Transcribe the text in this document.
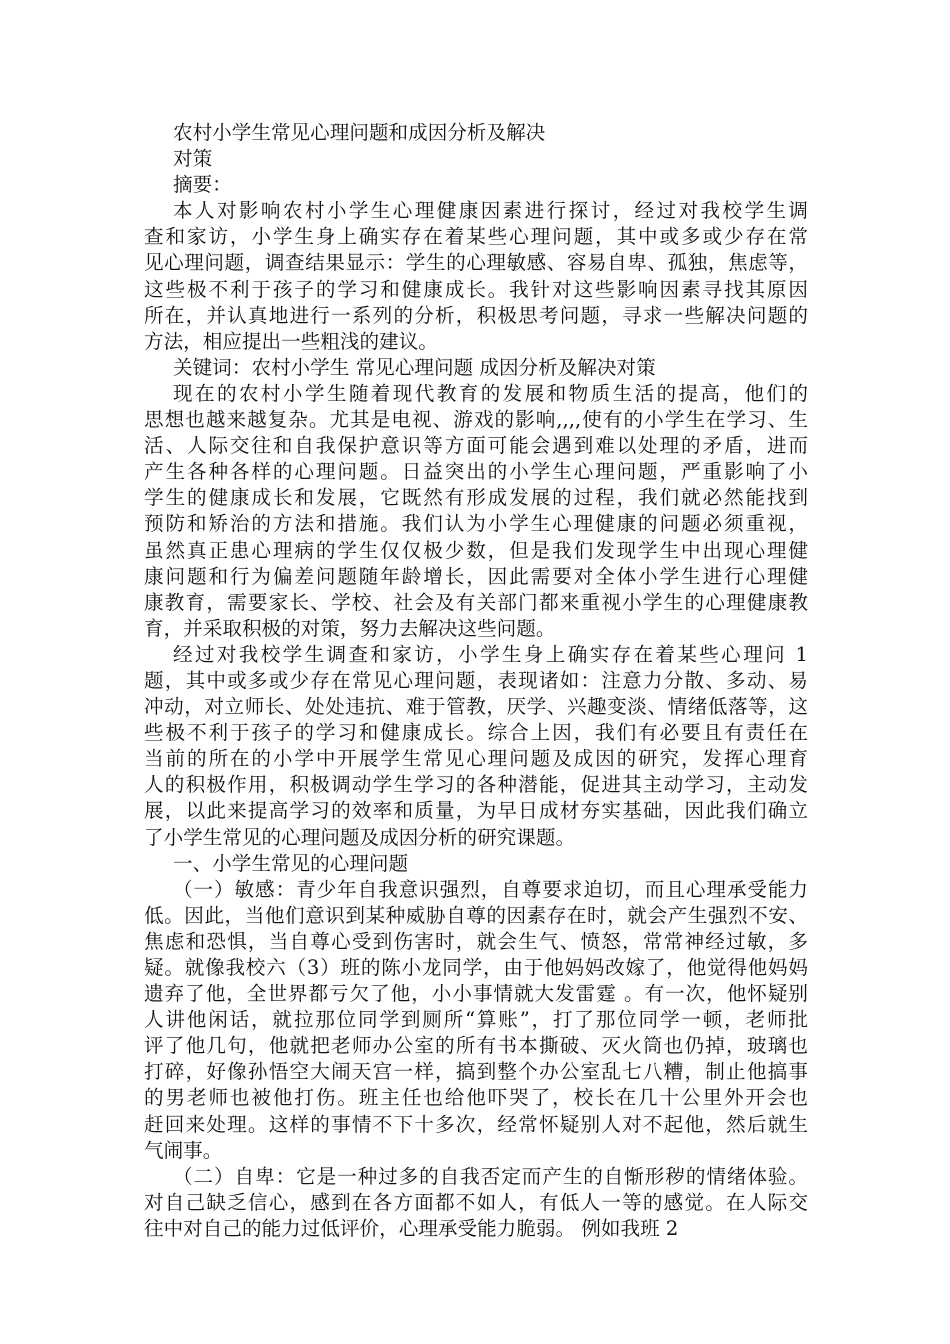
农村小学生常见心理问题和成因分析及解决
对策
摘要：
本人对影响农村小学生心理健康因素进行探讨，经过对我校学生调
查和家访，小学生身上确实存在着某些心理问题，其中或多或少存在常
见心理问题，调查结果显示：学生的心理敏感、容易自卑、孤独，焦虑等，
这些极不利于孩子的学习和健康成长。我针对这些影响因素寻找其原因
所在，并认真地进行一系列的分析，积极思考问题，寻求一些解决问题的
方法，相应提出一些粗浅的建议。
关键词：农村小学生 常见心理问题 成因分析及解决对策
现在的农村小学生随着现代教育的发展和物质生活的提高，他们的
思想也越来越复杂。尤其是电视、游戏的影响,,,,使有的小学生在学习、生
活、人际交往和自我保护意识等方面可能会遇到难以处理的矛盾，进而
产生各种各样的心理问题。日益突出的小学生心理问题，严重影响了小
学生的健康成长和发展，它既然有形成发展的过程，我们就必然能找到
预防和矫治的方法和措施。我们认为小学生心理健康的问题必须重视，
虽然真正患心理病的学生仅仅极少数，但是我们发现学生中出现心理健
康问题和行为偏差问题随年龄增长，因此需要对全体小学生进行心理健
康教育，需要家长、学校、社会及有关部门都来重视小学生的心理健康教
育，并采取积极的对策，努力去解决这些问题。
经过对我校学生调查和家访，小学生身上确实存在着某些心理问 1
题，其中或多或少存在常见心理问题，表现诸如：注意力分散、多动、易
冲动，对立师长、处处违抗、难于管教，厌学、兴趣变淡、情绪低落等，这
些极不利于孩子的学习和健康成长。综合上因，我们有必要且有责任在
当前的所在的小学中开展学生常见心理问题及成因的研究，发挥心理育
人的积极作用，积极调动学生学习的各种潜能，促进其主动学习，主动发
展，以此来提高学习的效率和质量，为早日成材夯实基础，因此我们确立
了小学生常见的心理问题及成因分析的研究课题。
一、小学生常见的心理问题
（一）敏感：青少年自我意识强烈，自尊要求迫切，而且心理承受能力
低。因此，当他们意识到某种威胁自尊的因素存在时，就会产生强烈不安、
焦虑和恐惧，当自尊心受到伤害时，就会生气、愤怒，常常神经过敏，多
疑。就像我校六（3）班的陈小龙同学，由于他妈妈改嫁了，他觉得他妈妈
遗弃了他，全世界都亏欠了他，小小事情就大发雷霆 。有一次，他怀疑别
人讲他闲话，就拉那位同学到厕所“算账”，打了那位同学一顿，老师批
评了他几句，他就把老师办公室的所有书本撕破、灭火筒也仍掉，玻璃也
打碎，好像孙悟空大闹天宫一样，搞到整个办公室乱七八糟，制止他搞事
的男老师也被他打伤。班主任也给他吓哭了，校长在几十公里外开会也
赶回来处理。这样的事情不下十多次，经常怀疑别人对不起他，然后就生
气闹事。
（二）自卑：它是一种过多的自我否定而产生的自惭形秽的情绪体验。
对自己缺乏信心，感到在各方面都不如人，有低人一等的感觉。在人际交
往中对自己的能力过低评价，心理承受能力脆弱。 例如我班 2
